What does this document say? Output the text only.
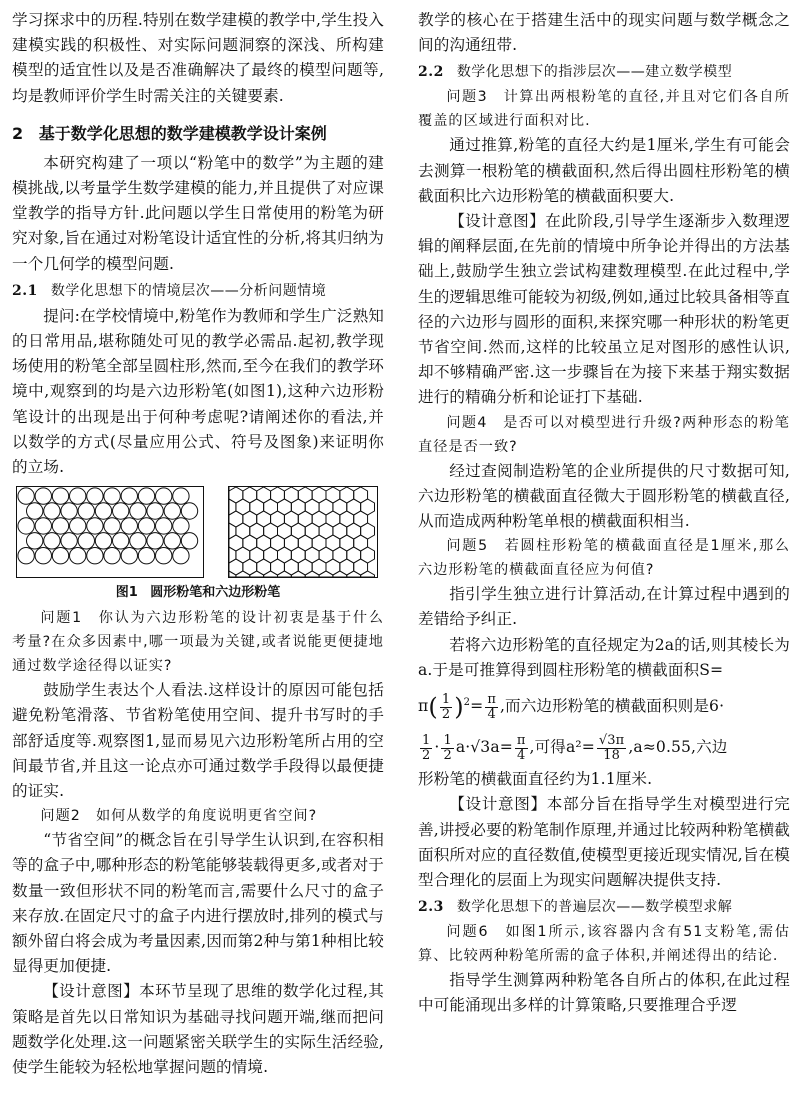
学习探求中的历程.特别在数学建模的教学中,学生投入建模实践的积极性、对实际问题洞察的深浅、所构建模型的适宜性以及是否准确解决了最终的模型问题等,均是教师评价学生时需关注的关键要素.

2 基于数学化思想的数学建模教学设计案例

本研究构建了一项以“粉笔中的数学”为主题的建模挑战,以考量学生数学建模的能力,并且提供了对应课堂教学的指导方针.此问题以学生日常使用的粉笔为研究对象,旨在通过对粉笔设计适宜性的分析,将其归纳为一个几何学的模型问题.

2.1 数学化思想下的情境层次——分析问题情境

提问:在学校情境中,粉笔作为教师和学生广泛熟知的日常用品,堪称随处可见的教学必需品.起初,教学现场使用的粉笔全部呈圆柱形,然而,至今在我们的教学环境中,观察到的均是六边形粉笔(如图1),这种六边形粉笔设计的出现是出于何种考虑呢?请阐述你的看法,并以数学的方式(尽量应用公式、符号及图象)来证明你的立场.

图1 圆形粉笔和六边形粉笔

问题1　你认为六边形粉笔的设计初衷是基于什么考量?在众多因素中,哪一项最为关键,或者说能更便捷地通过数学途径得以证实?

鼓励学生表达个人看法.这样设计的原因可能包括避免粉笔滑落、节省粉笔使用空间、提升书写时的手部舒适度等.观察图1,显而易见六边形粉笔所占用的空间最节省,并且这一论点亦可通过数学手段得以最便捷的证实.

问题2　如何从数学的角度说明更省空间?

“节省空间”的概念旨在引导学生认识到,在容积相等的盒子中,哪种形态的粉笔能够装载得更多,或者对于数量一致但形状不同的粉笔而言,需要什么尺寸的盒子来存放.在固定尺寸的盒子内进行摆放时,排列的模式与额外留白将会成为考量因素,因而第2种与第1种相比较显得更加便捷.

【设计意图】本环节呈现了思维的数学化过程,其策略是首先以日常知识为基础寻找问题开端,继而把问题数学化处理.这一问题紧密关联学生的实际生活经验,使学生能较为轻松地掌握问题的情境.

教学的核心在于搭建生活中的现实问题与数学概念之间的沟通纽带.

2.2 数学化思想下的指涉层次——建立数学模型

问题3　计算出两根粉笔的直径,并且对它们各自所覆盖的区域进行面积对比.

通过推算,粉笔的直径大约是1厘米,学生有可能会去测算一根粉笔的横截面积,然后得出圆柱形粉笔的横截面积比六边形粉笔的横截面积要大.

【设计意图】在此阶段,引导学生逐渐步入数理逻辑的阐释层面,在先前的情境中所争论并得出的方法基础上,鼓励学生独立尝试构建数理模型.在此过程中,学生的逻辑思维可能较为初级,例如,通过比较具备相等直径的六边形与圆形的面积,来探究哪一种形状的粉笔更节省空间.然而,这样的比较虽立足对图形的感性认识,却不够精确严密.这一步骤旨在为接下来基于翔实数据进行的精确分析和论证打下基础.

问题4　是否可以对模型进行升级?两种形态的粉笔直径是否一致?

经过查阅制造粉笔的企业所提供的尺寸数据可知,六边形粉笔的横截面直径微大于圆形粉笔的横截直径,从而造成两种粉笔单根的横截面积相当.

问题5　若圆柱形粉笔的横截面直径是1厘米,那么六边形粉笔的横截面直径应为何值?

指引学生独立进行计算活动,在计算过程中遇到的差错给予纠正.

若将六边形粉笔的直径规定为2a的话,则其棱长为a.于是可推算得到圆柱形粉笔的横截面积S=

$\pi( \frac{1}{2} )^2= \frac{\pi}{4}$ ,而六边形粉笔的横截面积则是6·

$\frac{1}{2} \cdot \frac{1}{2} a\cdot√3a= \frac{\pi}{4}$ ,可得$a^2= \frac{√3\pi}{18} ,a\approx 0.55$,六边

形粉笔的横截面直径约为1.1厘米.

【设计意图】本部分旨在指导学生对模型进行完善,讲授必要的粉笔制作原理,并通过比较两种粉笔横截面积所对应的直径数值,使模型更接近现实情况,旨在模型合理化的层面上为现实问题解决提供支持.

2.3 数学化思想下的普遍层次——数学模型求解

问题6　如图1所示,该容器内含有51支粉笔,需估算、比较两种粉笔所需的盒子体积,并阐述得出的结论.

指导学生测算两种粉笔各自所占的体积,在此过程中可能涌现出多样的计算策略,只要推理合乎逻
